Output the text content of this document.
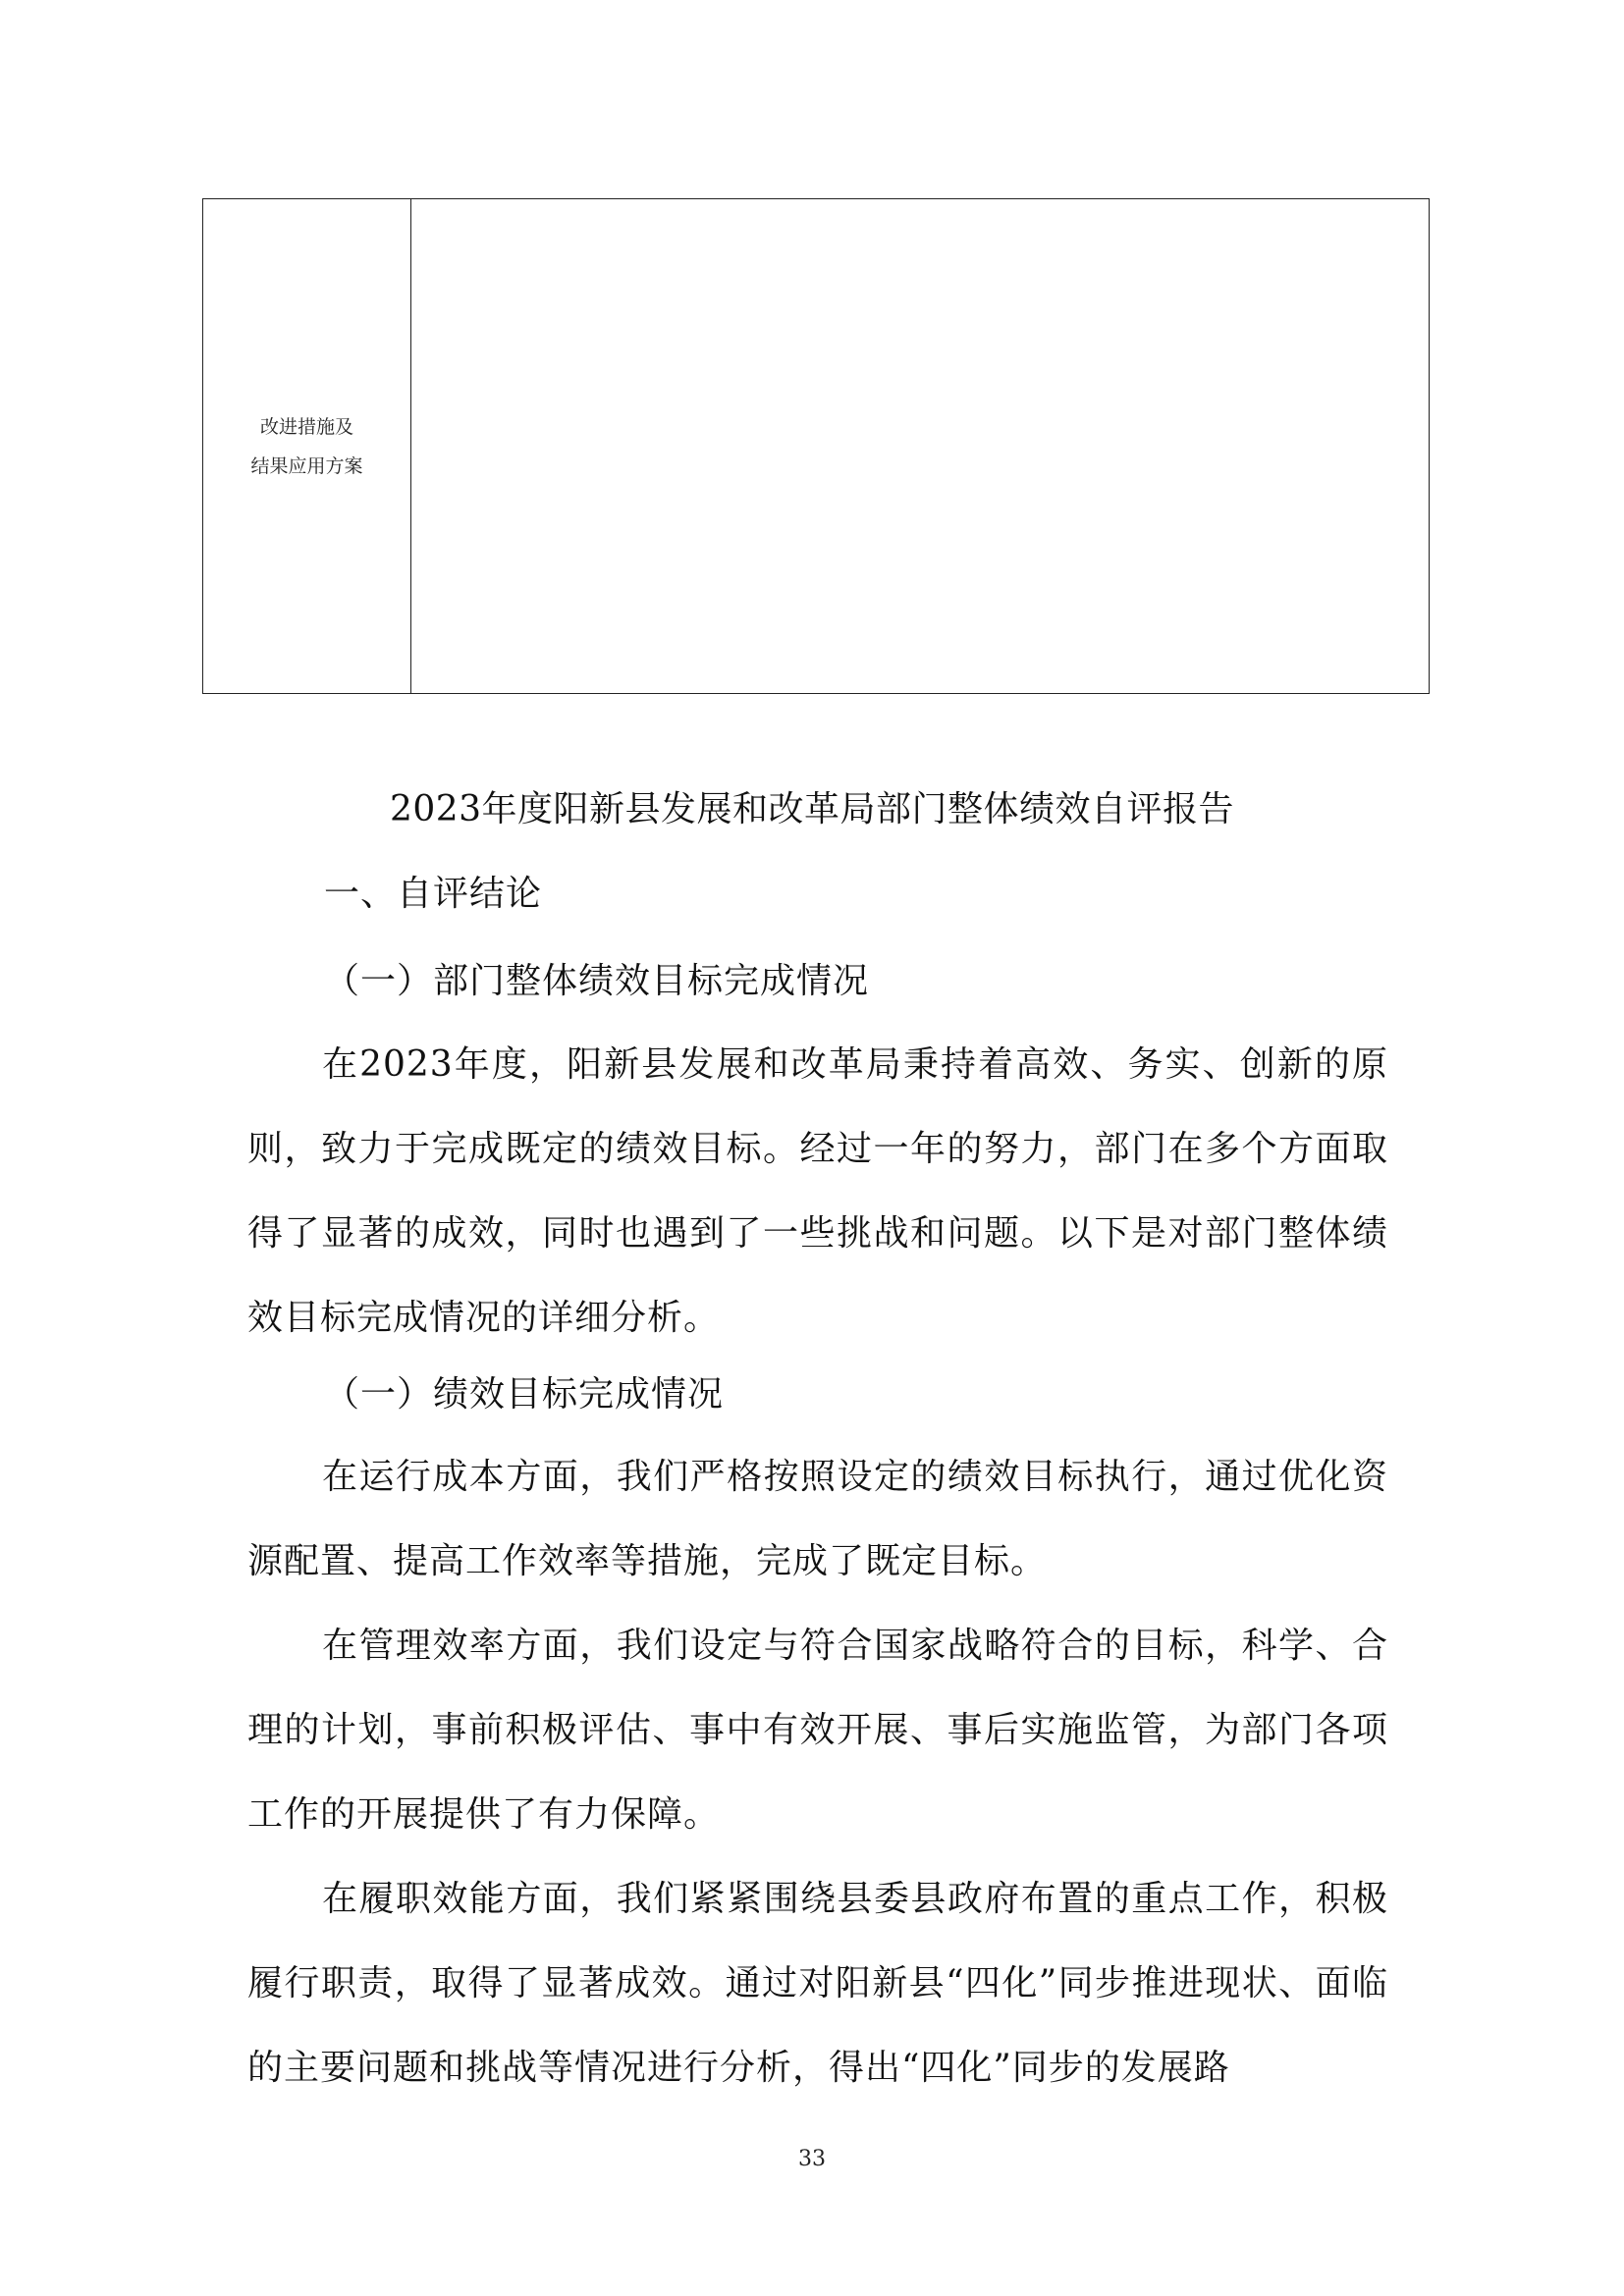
改进措施及
结果应用方案
2023年度阳新县发展和改革局部门整体绩效自评报告

一、自评结论

（一）部门整体绩效目标完成情况

在2023年度，阳新县发展和改革局秉持着高效、务实、创新的原则，致力于完成既定的绩效目标。经过一年的努力，部门在多个方面取得了显著的成效，同时也遇到了一些挑战和问题。以下是对部门整体绩效目标完成情况的详细分析。

（一）绩效目标完成情况

在运行成本方面，我们严格按照设定的绩效目标执行，通过优化资源配置、提高工作效率等措施，完成了既定目标。

在管理效率方面，我们设定与符合国家战略符合的目标，科学、合理的计划，事前积极评估、事中有效开展、事后实施监管，为部门各项工作的开展提供了有力保障。

在履职效能方面，我们紧紧围绕县委县政府布置的重点工作，积极履行职责，取得了显著成效。通过对阳新县“四化”同步推进现状、面临的主要问题和挑战等情况进行分析，得出“四化”同步的发展路

33
